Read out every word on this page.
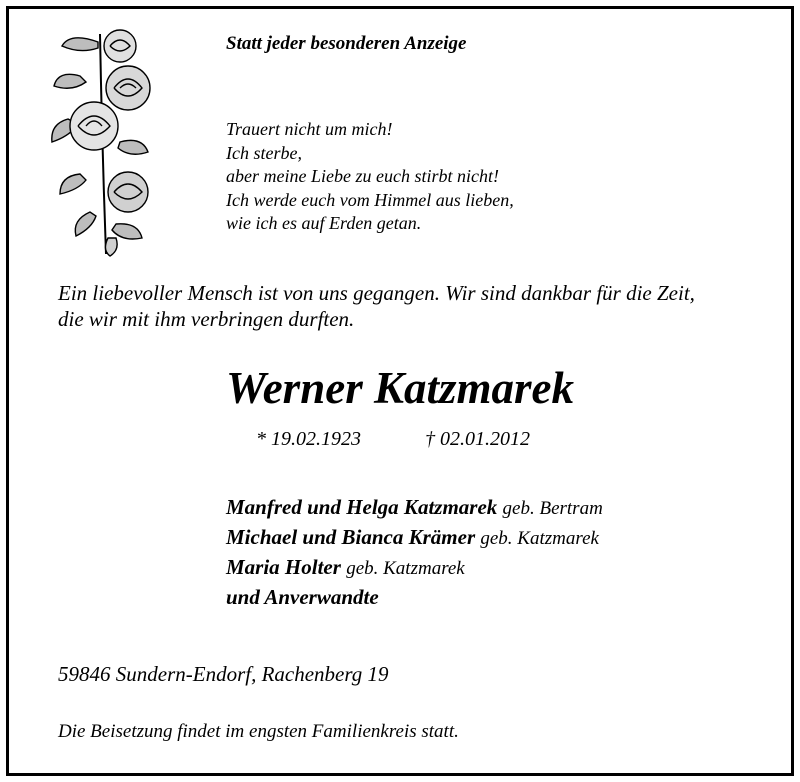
Statt jeder besonderen Anzeige
Trauert nicht um mich!
Ich sterbe,
aber meine Liebe zu euch stirbt nicht!
Ich werde euch vom Himmel aus lieben,
wie ich es auf Erden getan.
Ein liebevoller Mensch ist von uns gegangen. Wir sind dankbar für die Zeit,
die wir mit ihm verbringen durften.
Werner Katzmarek
* 19.02.1923	† 02.01.2012
Manfred und Helga Katzmarek geb. Bertram
Michael und Bianca Krämer geb. Katzmarek
Maria Holter geb. Katzmarek
und Anverwandte
59846 Sundern-Endorf, Rachenberg 19
Die Beisetzung findet im engsten Familienkreis statt.
